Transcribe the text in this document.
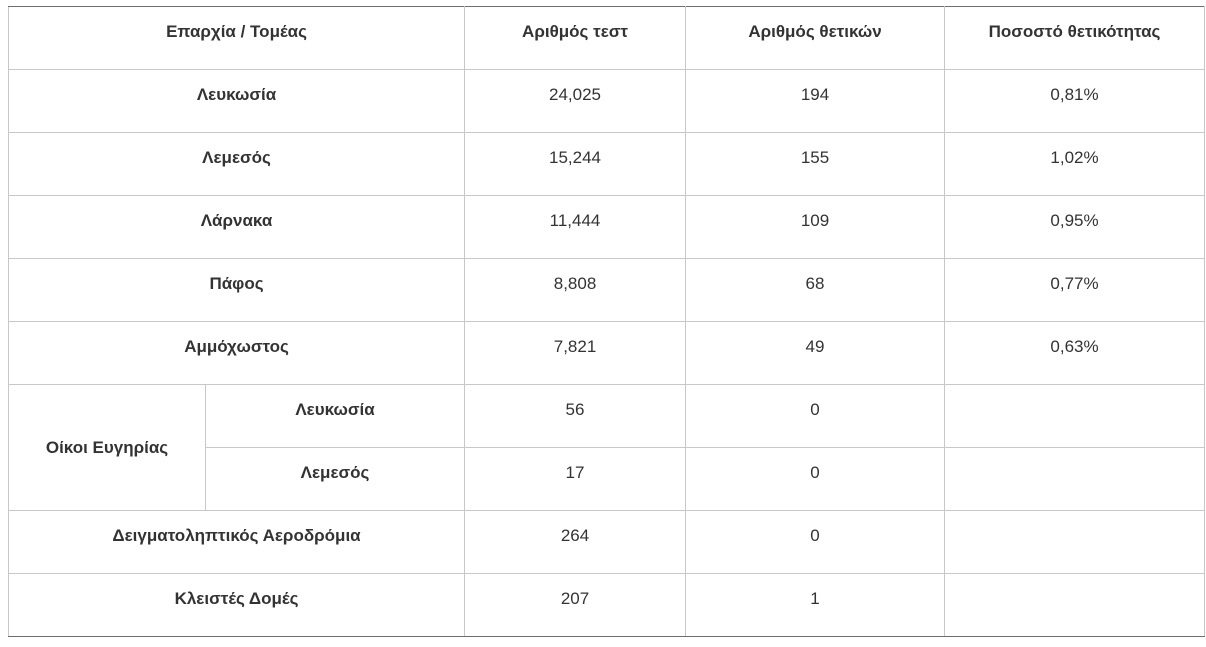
Επαρχία / Τομέας		Αριθμός τεστ	Αριθμός θετικών	Ποσοστό θετικότητας
Λευκωσία		24,025	194	0,81%
Λεμεσός		15,244	155	1,02%
Λάρνακα		11,444	109	0,95%
Πάφος		8,808	68	0,77%
Αμμόχωστος		7,821	49	0,63%
Οίκοι Ευγηρίας	Λευκωσία	56	0	
	Λεμεσός	17	0	
Δειγματοληπτικός Αεροδρόμια		264	0	
Κλειστές Δομές		207	1	
